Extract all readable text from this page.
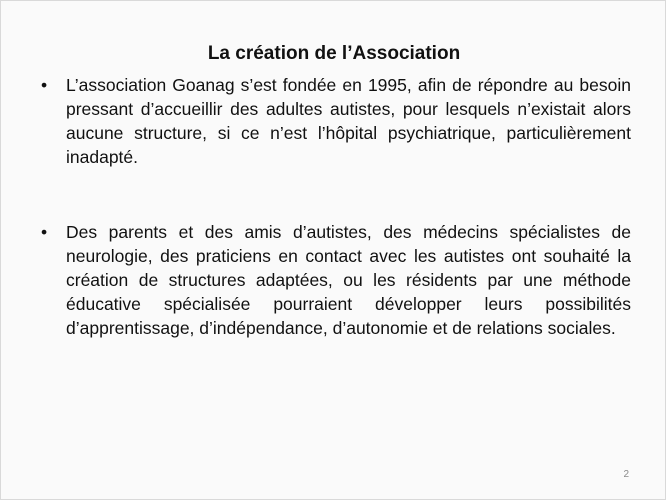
La création de l’Association
•	L’association Goanag s’est fondée en 1995, afin de répondre au besoin pressant d’accueillir des adultes autistes, pour lesquels n’existait alors aucune structure, si ce n’est l’hôpital psychiatrique, particulièrement inadapté.
•	Des parents et des amis d’autistes, des médecins spécialistes de neurologie, des praticiens en contact avec les autistes ont souhaité la création de structures adaptées, ou les résidents par une méthode éducative spécialisée pourraient développer leurs possibilités d’apprentissage, d’indépendance, d’autonomie et de relations sociales.
2
